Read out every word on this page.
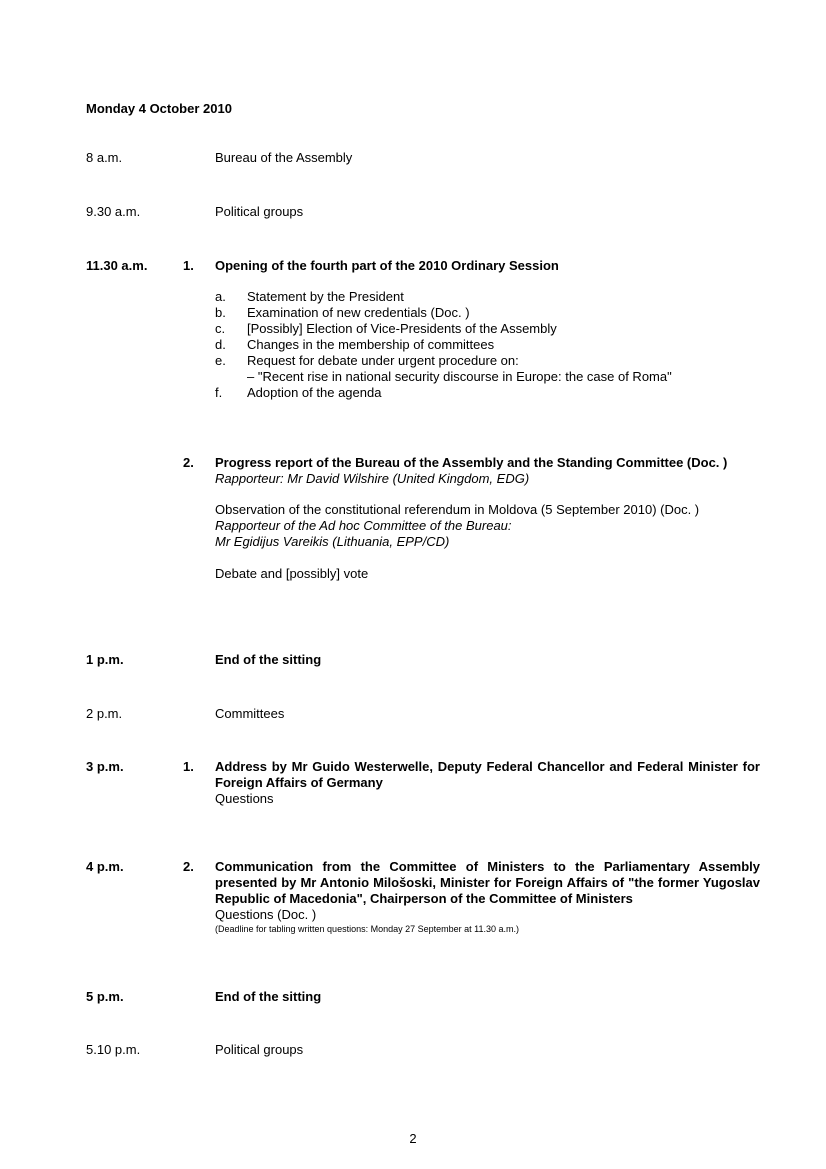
Monday 4 October 2010
8 a.m.	Bureau of the Assembly
9.30 a.m.	Political groups
11.30 a.m.	1.	Opening of the fourth part of the 2010 Ordinary Session
a. Statement by the President
b. Examination of new credentials (Doc. )
c. [Possibly] Election of Vice-Presidents of the Assembly
d. Changes in the membership of committees
e. Request for debate under urgent procedure on:
– "Recent rise in national security discourse in Europe: the case of Roma"
f. Adoption of the agenda
2.	Progress report of the Bureau of the Assembly and the Standing Committee (Doc. )

Rapporteur: Mr David Wilshire (United Kingdom, EDG)

Observation of the constitutional referendum in Moldova (5 September 2010) (Doc. )

Rapporteur of the Ad hoc Committee of the Bureau:

Mr Egidijus Vareikis (Lithuania, EPP/CD)

Debate and [possibly] vote

1 p.m.	End of the sitting
2 p.m.	Committees
3 p.m.	1.	Address by Mr Guido Westerwelle, Deputy Federal Chancellor and Federal Minister for Foreign Affairs of Germany

Questions

4 p.m.	2.	Communication from the Committee of Ministers to the Parliamentary Assembly presented by Mr Antonio Milošoski, Minister for Foreign Affairs of "the former Yugoslav Republic of Macedonia", Chairperson of the Committee of Ministers

Questions (Doc. )

(Deadline for tabling written questions: Monday 27 September at 11.30 a.m.)

5 p.m.	End of the sitting
5.10 p.m.	Political groups
2
